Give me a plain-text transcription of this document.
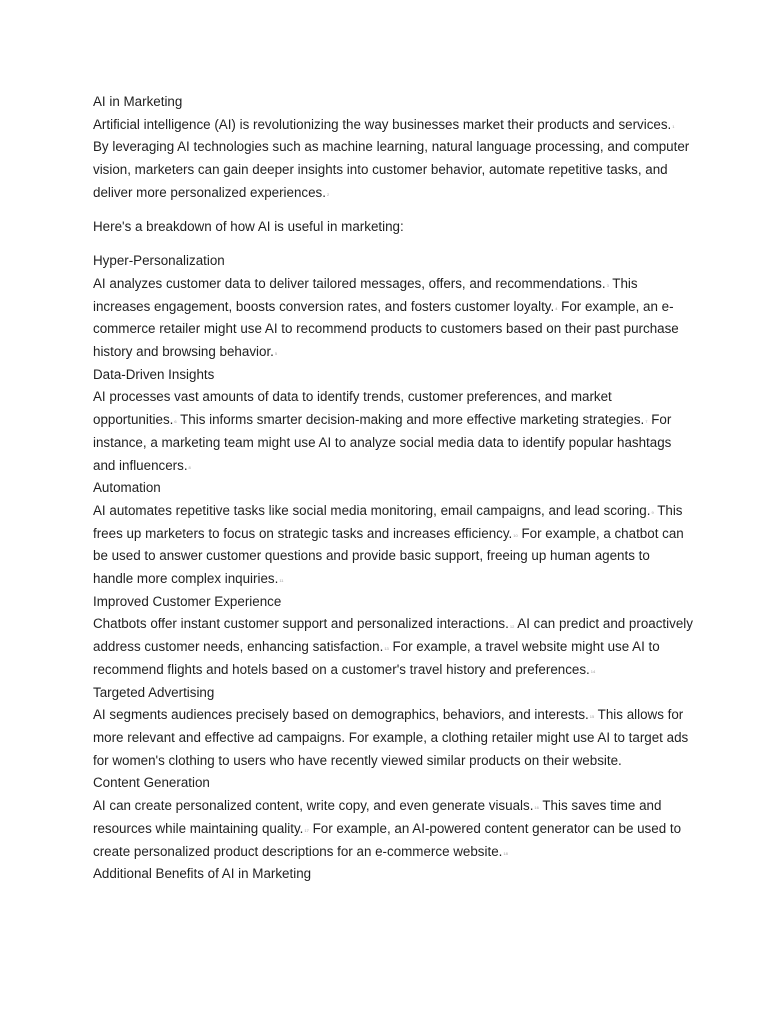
AI in Marketing

Artificial intelligence (AI) is revolutionizing the way businesses market their products and services.$^1$ By leveraging AI technologies such as machine learning, natural language processing, and computer vision, marketers can gain deeper insights into customer behavior, automate repetitive tasks, and deliver more personalized experiences.$^2$

Here's a breakdown of how AI is useful in marketing:

Hyper-Personalization

AI analyzes customer data to deliver tailored messages, offers, and recommendations.$^3$ This increases engagement, boosts conversion rates, and fosters customer loyalty.$^4$ For example, an e-commerce retailer might use AI to recommend products to customers based on their past purchase history and browsing behavior.$^5$

Data-Driven Insights

AI processes vast amounts of data to identify trends, customer preferences, and market opportunities.$^6$ This informs smarter decision-making and more effective marketing strategies.$^7$ For instance, a marketing team might use AI to analyze social media data to identify popular hashtags and influencers.$^8$

Automation

AI automates repetitive tasks like social media monitoring, email campaigns, and lead scoring.$^9$ This frees up marketers to focus on strategic tasks and increases efficiency.$^{10}$ For example, a chatbot can be used to answer customer questions and provide basic support, freeing up human agents to handle more complex inquiries.$^{11}$

Improved Customer Experience

Chatbots offer instant customer support and personalized interactions.$^{12}$ AI can predict and proactively address customer needs, enhancing satisfaction.$^{13}$ For example, a travel website might use AI to recommend flights and hotels based on a customer's travel history and preferences.$^{14}$

Targeted Advertising

AI segments audiences precisely based on demographics, behaviors, and interests.$^{15}$ This allows for more relevant and effective ad campaigns. For example, a clothing retailer might use AI to target ads for women's clothing to users who have recently viewed similar products on their website.

Content Generation

AI can create personalized content, write copy, and even generate visuals.$^{16}$ This saves time and resources while maintaining quality.$^{17}$ For example, an AI-powered content generator can be used to create personalized product descriptions for an e-commerce website.$^{18}$

Additional Benefits of AI in Marketing
